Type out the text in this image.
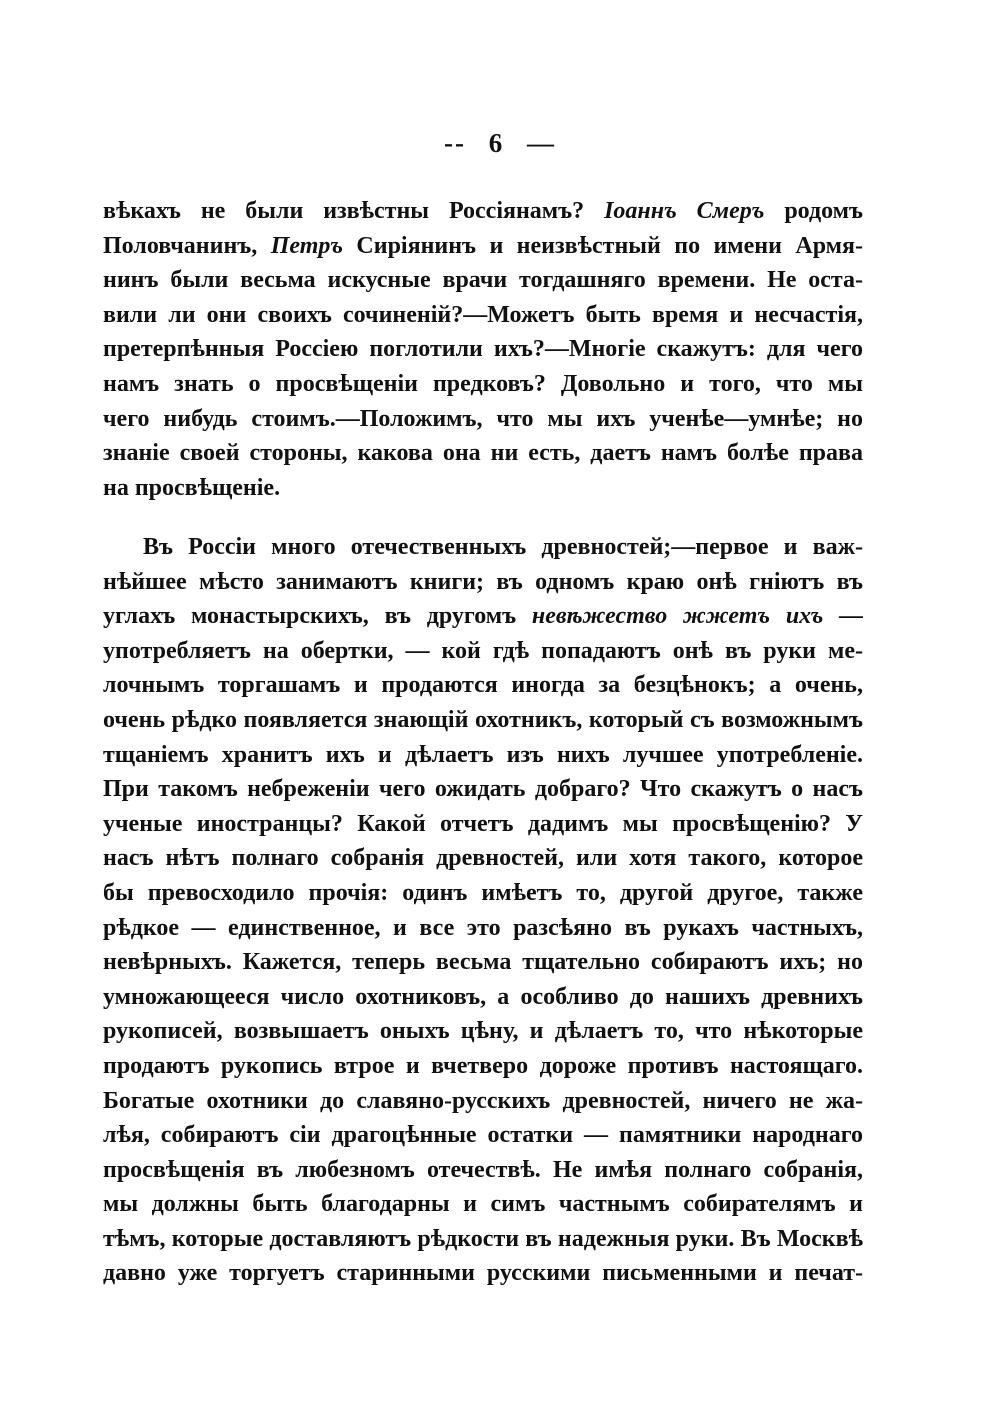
-- 6 —
вѣкахъ не были извѣстны Россіянамъ? Іоаннъ Смеръ родомъ
Половчанинъ, Петръ Сиріянинъ и неизвѣстный по имени Армя-
нинъ были весьма искусные врачи тогдашняго времени. Не оста-
вили ли они своихъ сочиненій?—Можетъ быть время и несчастія,
претерпѣнныя Россіею поглотили ихъ?—Многіе скажутъ: для чего
намъ знать о просвѣщеніи предковъ? Довольно и того, что мы
чего нибудь стоимъ.—Положимъ, что мы ихъ ученѣе—умнѣе; но
знаніе своей стороны, какова она ни есть, даетъ намъ болѣе права
на просвѣщеніе.
Въ Россіи много отечественныхъ древностей;—первое и важ-
нѣйшее мѣсто занимаютъ книги; въ одномъ краю онѣ гніютъ въ
углахъ монастырскихъ, въ другомъ невѣжество жжетъ ихъ —
употребляетъ на обертки, — кой гдѣ попадаютъ онѣ въ руки ме-
лочнымъ торгашамъ и продаются иногда за безцѣнокъ; а очень,
очень рѣдко появляется знающій охотникъ, который съ возможнымъ
тщаніемъ хранитъ ихъ и дѣлаетъ изъ нихъ лучшее употребленіе.
При такомъ небреженіи чего ожидать добраго? Что скажутъ о насъ
ученые иностранцы? Какой отчетъ дадимъ мы просвѣщенію? У
насъ нѣтъ полнаго собранія древностей, или хотя такого, которое
бы превосходило прочія: одинъ имѣетъ то, другой другое, также
рѣдкое — единственное, и все это разсѣяно въ рукахъ частныхъ,
невѣрныхъ. Кажется, теперь весьма тщательно собираютъ ихъ; но
умножающееся число охотниковъ, а особливо до нашихъ древнихъ
рукописей, возвышаетъ оныхъ цѣну, и дѣлаетъ то, что нѣкоторые
продаютъ рукопись втрое и вчетверо дороже противъ настоящаго.
Богатые охотники до славяно-русскихъ древностей, ничего не жа-
лѣя, собираютъ сіи драгоцѣнные остатки — памятники народнаго
просвѣщенія въ любезномъ отечествѣ. Не имѣя полнаго собранія,
мы должны быть благодарны и симъ частнымъ собирателямъ и
тѣмъ, которые доставляютъ рѣдкости въ надежныя руки. Въ Москвѣ
давно уже торгуетъ старинными русскими письменными и печат-
